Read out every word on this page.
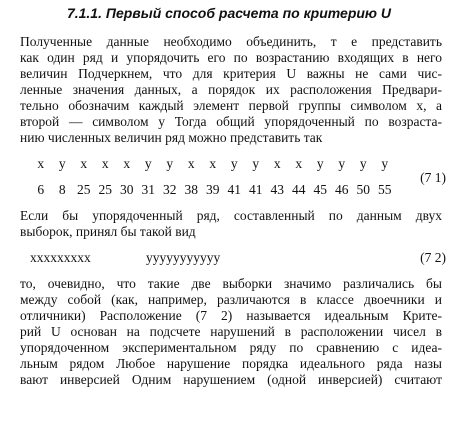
7.1.1. Первый способ расчета по критерию U
Полученные данные необходимо объединить, т е представить
как один ряд и упорядочить его по возрастанию входящих в него
величин Подчеркнем, что для критерия U важны не сами чис-
ленные значения данных, а порядок их расположения Предвари-
тельно обозначим каждый элемент первой группы символом x, а
второй — символом y Тогда общий упорядоченный по возраста-
нию численных величин ряд можно представить так
x y x x x y y x x y y x x y y y y
6 8 25 25 30 31 32 38 39 41 41 43 44 45 46 50 55
(7 1)
Если бы упорядоченный ряд, составленный по данным двух
выборок, принял бы такой вид
xxxxxxxxx	yyyyyyyyyyy	(7 2)
то, очевидно, что такие две выборки значимо различались бы
между собой (как, например, различаются в классе двоечники и
отличники) Расположение (7 2) называется идеальным Крите-
рий U основан на подсчете нарушений в расположении чисел в
упорядоченном экспериментальном ряду по сравнению с идеа-
льным рядом Любое нарушение порядка идеального ряда назы
вают инверсией Одним нарушением (одной инверсией) считают
